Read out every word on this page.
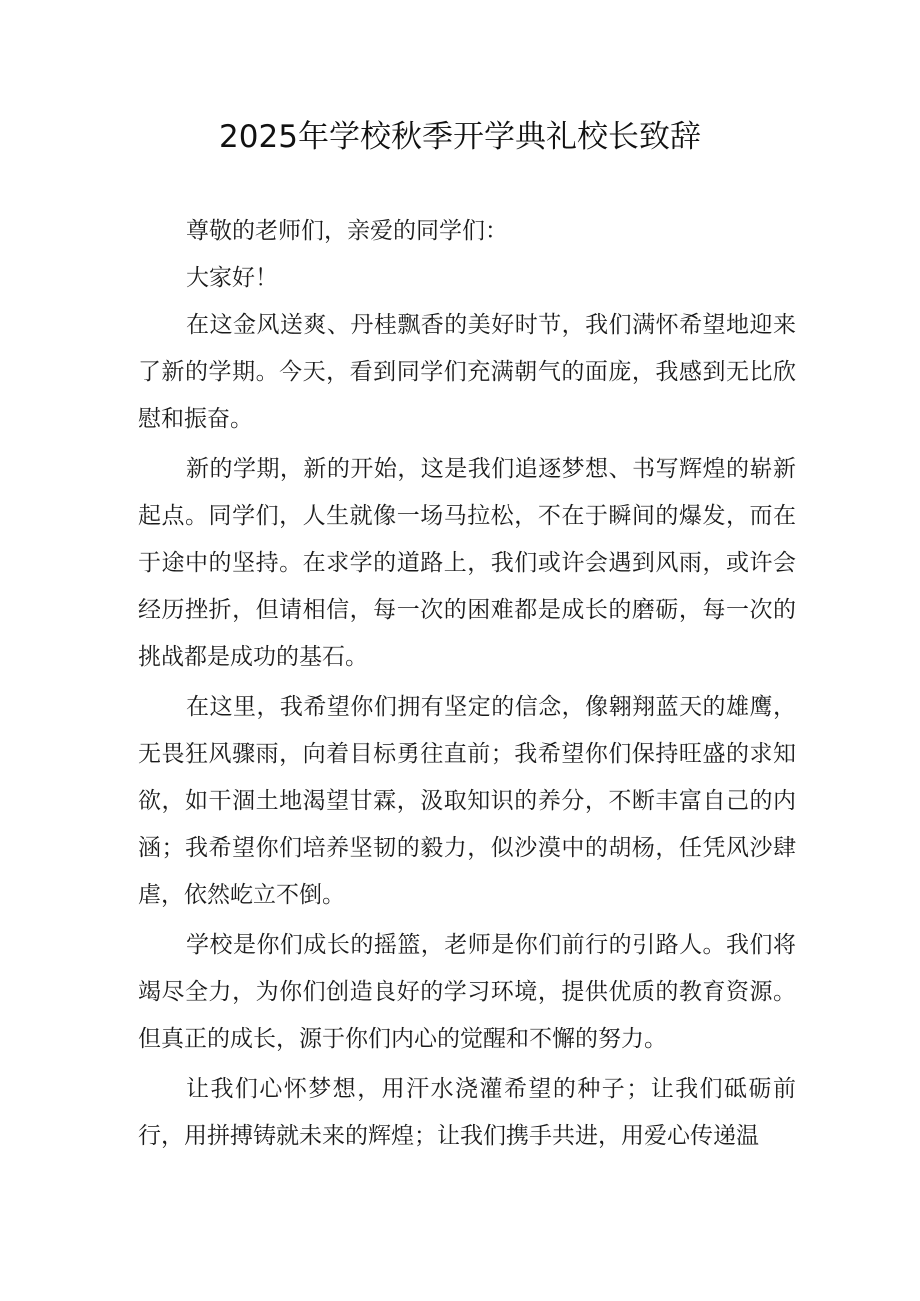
2025年学校秋季开学典礼校长致辞

尊敬的老师们，亲爱的同学们：

大家好！

在这金风送爽、丹桂飘香的美好时节，我们满怀希望地迎来了新的学期。今天，看到同学们充满朝气的面庞，我感到无比欣慰和振奋。

新的学期，新的开始，这是我们追逐梦想、书写辉煌的崭新起点。同学们，人生就像一场马拉松，不在于瞬间的爆发，而在于途中的坚持。在求学的道路上，我们或许会遇到风雨，或许会经历挫折，但请相信，每一次的困难都是成长的磨砺，每一次的挑战都是成功的基石。

在这里，我希望你们拥有坚定的信念，像翱翔蓝天的雄鹰，无畏狂风骤雨，向着目标勇往直前；我希望你们保持旺盛的求知欲，如干涸土地渴望甘霖，汲取知识的养分，不断丰富自己的内涵；我希望你们培养坚韧的毅力，似沙漠中的胡杨，任凭风沙肆虐，依然屹立不倒。

学校是你们成长的摇篮，老师是你们前行的引路人。我们将竭尽全力，为你们创造良好的学习环境，提供优质的教育资源。但真正的成长，源于你们内心的觉醒和不懈的努力。

让我们心怀梦想，用汗水浇灌希望的种子；让我们砥砺前行，用拼搏铸就未来的辉煌；让我们携手共进，用爱心传递温
